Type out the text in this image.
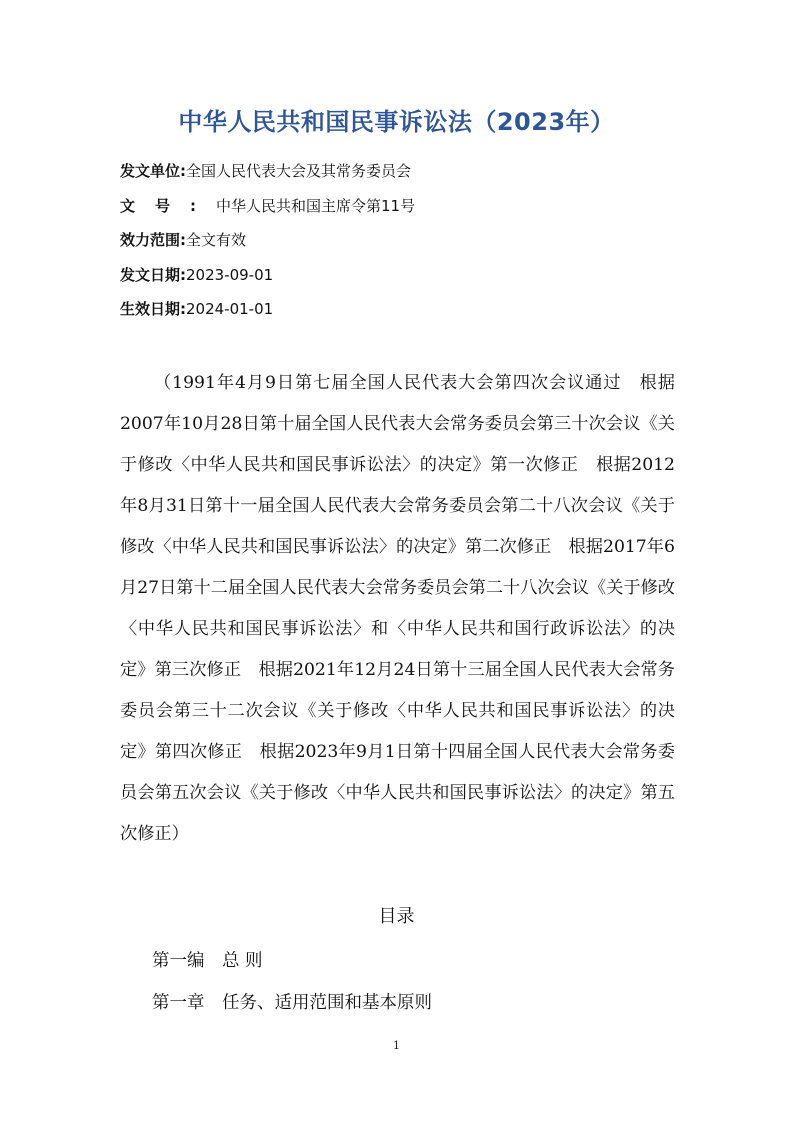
中华人民共和国民事诉讼法（2023年）
发文单位:全国人民代表大会及其常务委员会
文号:中华人民共和国主席令第11号
效力范围:全文有效
发文日期:2023-09-01
生效日期:2024-01-01

（1991年4月9日第七届全国人民代表大会第四次会议通过　根据2007年10月28日第十届全国人民代表大会常务委员会第三十次会议《关于修改〈中华人民共和国民事诉讼法〉的决定》第一次修正　根据2012年8月31日第十一届全国人民代表大会常务委员会第二十八次会议《关于修改〈中华人民共和国民事诉讼法〉的决定》第二次修正　根据2017年6月27日第十二届全国人民代表大会常务委员会第二十八次会议《关于修改〈中华人民共和国民事诉讼法〉和〈中华人民共和国行政诉讼法〉的决定》第三次修正　根据2021年12月24日第十三届全国人民代表大会常务委员会第三十二次会议《关于修改〈中华人民共和国民事诉讼法〉的决定》第四次修正　根据2023年9月1日第十四届全国人民代表大会常务委员会第五次会议《关于修改〈中华人民共和国民事诉讼法〉的决定》第五次修正）

目录
第一编　总 则
第一章　任务、适用范围和基本原则
1
